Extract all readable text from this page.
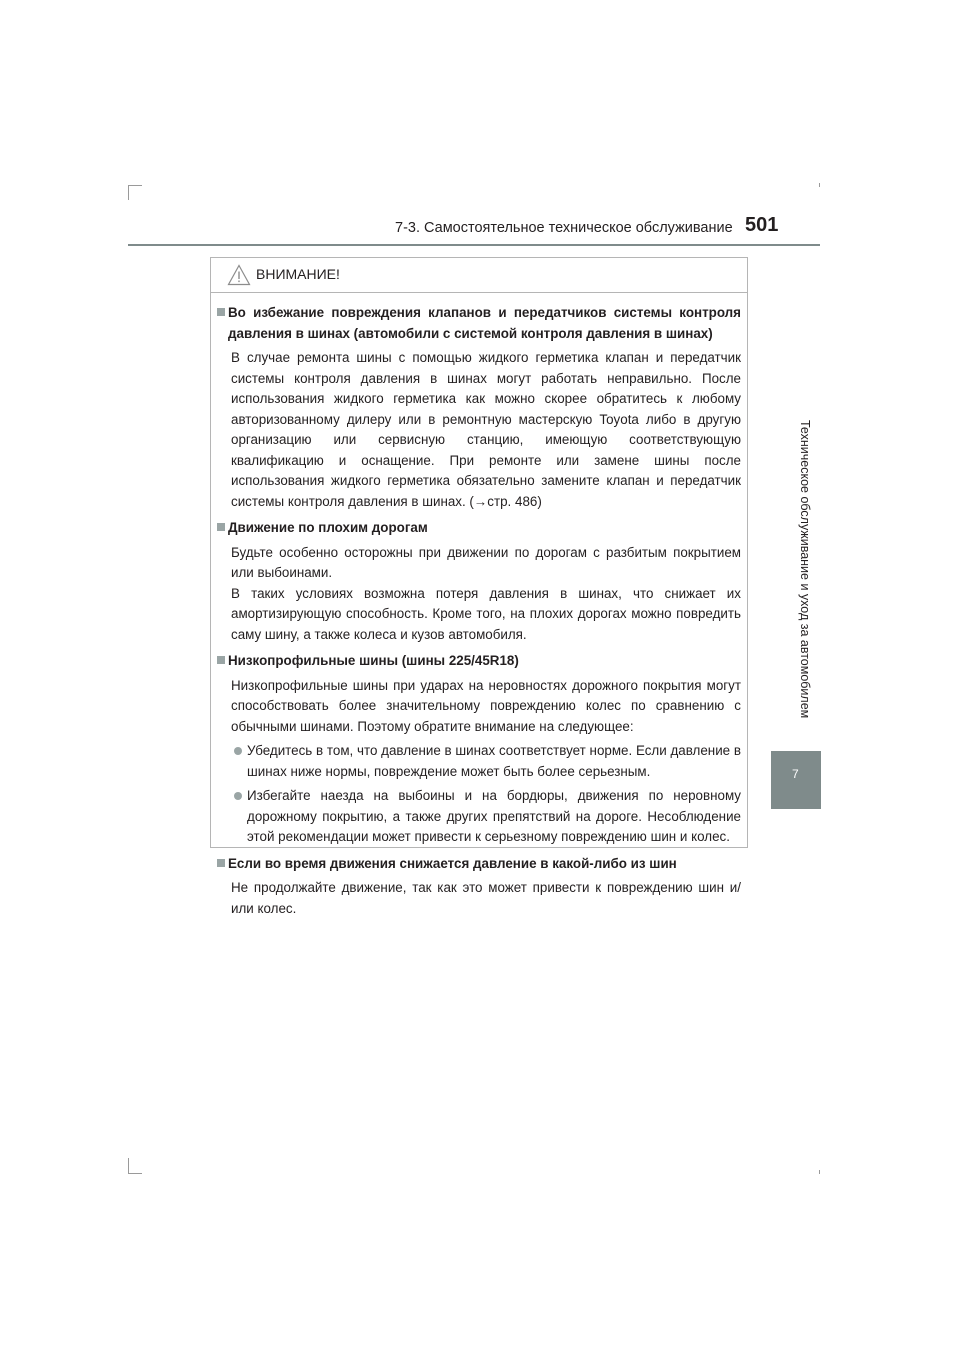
7-3. Самостоятельное техническое обслуживание 501
Техническое обслуживание и уход за автомобилем
7
ВНИМАНИЕ!
Во избежание повреждения клапанов и передатчиков системы контроля давления в шинах (автомобили с системой контроля давления в шинах)

В случае ремонта шины с помощью жидкого герметика клапан и передатчик системы контроля давления в шинах могут работать неправильно. После использования жидкого герметика как можно скорее обратитесь к любому авторизованному дилеру или в ремонтную мастерскую Toyota либо в другую организацию или сервисную станцию, имеющую соответствующую квалификацию и оснащение. При ремонте или замене шины после использования жидкого герметика обязательно замените клапан и передатчик системы контроля давления в шинах. (→стр. 486)

Движение по плохим дорогам

Будьте особенно осторожны при движении по дорогам с разбитым покрытием или выбоинами.

В таких условиях возможна потеря давления в шинах, что снижает их амортизирующую способность. Кроме того, на плохих дорогах можно повредить саму шину, а также колеса и кузов автомобиля.

Низкопрофильные шины (шины 225/45R18)

Низкопрофильные шины при ударах на неровностях дорожного покрытия могут способствовать более значительному повреждению колес по сравнению с обычными шинами. Поэтому обратите внимание на следующее:

Убедитесь в том, что давление в шинах соответствует норме. Если давление в шинах ниже нормы, повреждение может быть более серьезным.
Избегайте наезда на выбоины и на бордюры, движения по неровному дорожному покрытию, а также других препятствий на дороге. Несоблюдение этой рекомендации может привести к серьезному повреждению шин и колес.
Если во время движения снижается давление в какой-либо из шин

Не продолжайте движение, так как это может привести к повреждению шин и/или колес.
